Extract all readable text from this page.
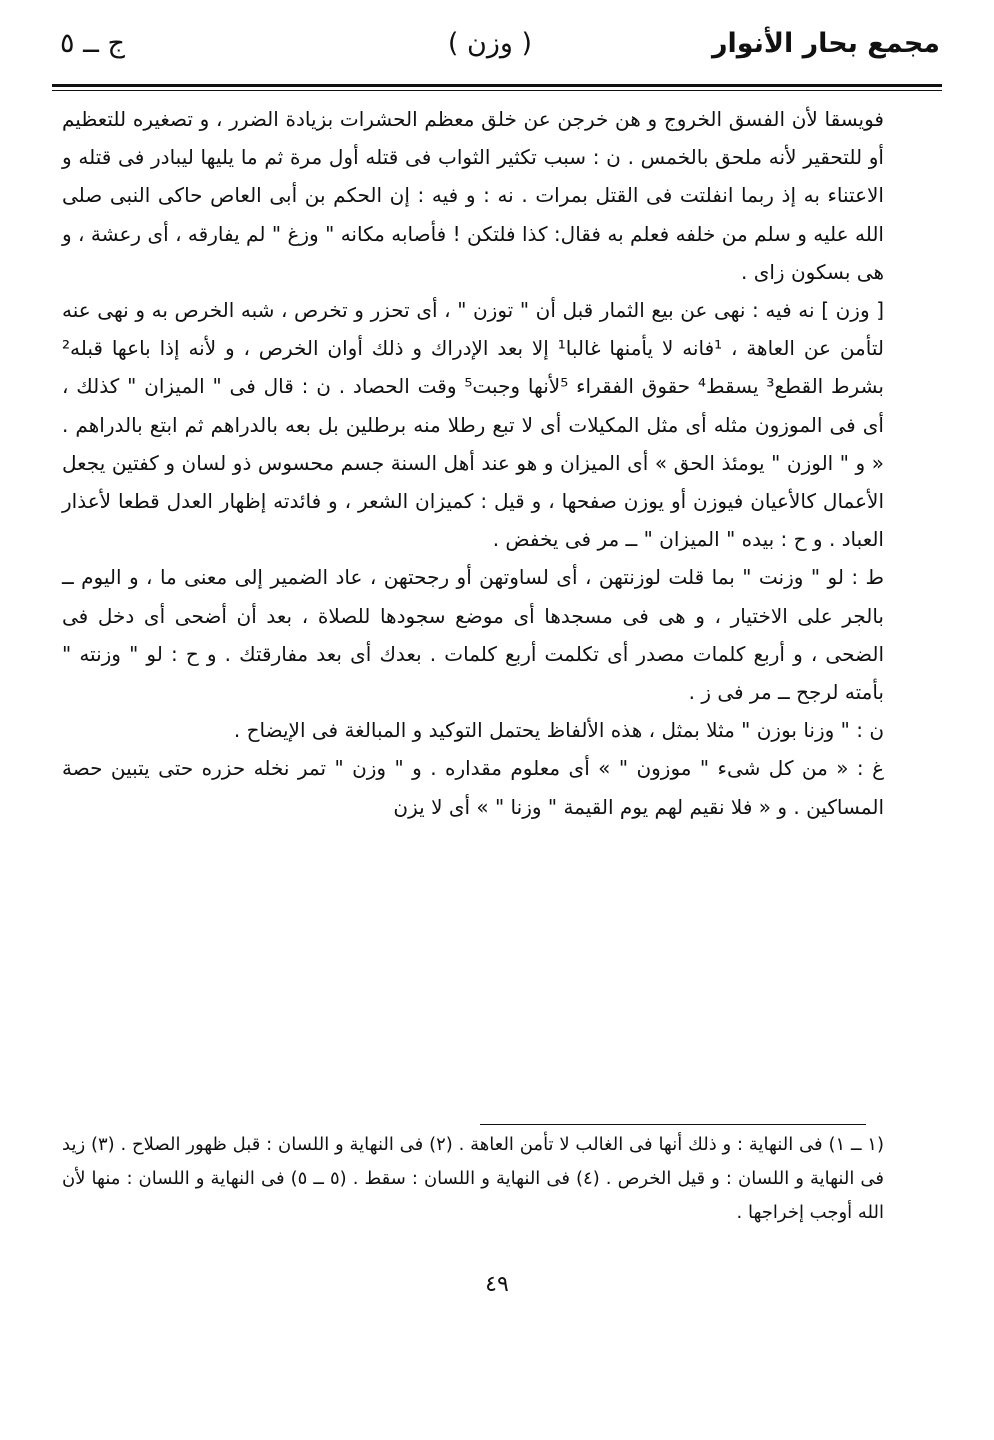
مجمع بحار الأنوار
( وزن )
ج ــ ٥

فويسقا لأن الفسق الخروج و هن خرجن عن خلق معظم الحشرات بزيادة الضرر ، و تصغيره للتعظيم أو للتحقير لأنه ملحق بالخمس . ن : سبب تكثير الثواب فى قتله أول مرة ثم ما يليها ليبادر فى قتله و الاعتناء به إذ ربما انفلتت فى القتل بمرات . نه : و فيه : إن الحكم بن أبى العاص حاكى النبى صلى الله عليه و سلم من خلفه فعلم به فقال: كذا فلتكن ! فأصابه مكانه " وزغ " لم يفارقه ، أى رعشة ، و هى بسكون زاى .

[ وزن ] نه فيه : نهى عن بيع الثمار قبل أن " توزن " ، أى تحزر و تخرص ، شبه الخرص به و نهى عنه لتأمن عن العاهة ، ¹فانه لا يأمنها غالبا¹ إلا بعد الإدراك و ذلك أوان الخرص ، و لأنه إذا باعها قبله² بشرط القطع³ يسقط⁴ حقوق الفقراء ⁵لأنها وجبت⁵ وقت الحصاد . ن : قال فى " الميزان " كذلك ، أى فى الموزون مثله أى مثل المكيلات أى لا تبع رطلا منه برطلين بل بعه بالدراهم ثم ابتع بالدراهم . « و " الوزن " يومئذ الحق » أى الميزان و هو عند أهل السنة جسم محسوس ذو لسان و كفتين يجعل الأعمال كالأعيان فيوزن أو يوزن صفحها ، و قيل : كميزان الشعر ، و فائدته إظهار العدل قطعا لأعذار العباد . و ح : بيده " الميزان " ــ مر فى يخفض .

ط : لو " وزنت " بما قلت لوزنتهن ، أى لساوتهن أو رجحتهن ، عاد الضمير إلى معنى ما ، و اليوم ــ بالجر على الاختيار ، و هى فى مسجدها أى موضع سجودها للصلاة ، بعد أن أضحى أى دخل فى الضحى ، و أربع كلمات مصدر أى تكلمت أربع كلمات . بعدك أى بعد مفارقتك . و ح : لو " وزنته " بأمته لرجح ــ مر فى ز .

ن : " وزنا بوزن " مثلا بمثل ، هذه الألفاظ يحتمل التوكيد و المبالغة فى الإيضاح .

غ : « من كل شىء " موزون " » أى معلوم مقداره . و " وزن " تمر نخله حزره حتى يتبين حصة المساكين . و « فلا نقيم لهم يوم القيمة " وزنا " » أى لا يزن

(١ ــ ١) فى النهاية : و ذلك أنها فى الغالب لا تأمن العاهة . (٢) فى النهاية و اللسان : قبل ظهور الصلاح . (٣) زيد فى النهاية و اللسان : و قيل الخرص . (٤) فى النهاية و اللسان : سقط . (٥ ــ ٥) فى النهاية و اللسان : منها لأن الله أوجب إخراجها .
٤٩
